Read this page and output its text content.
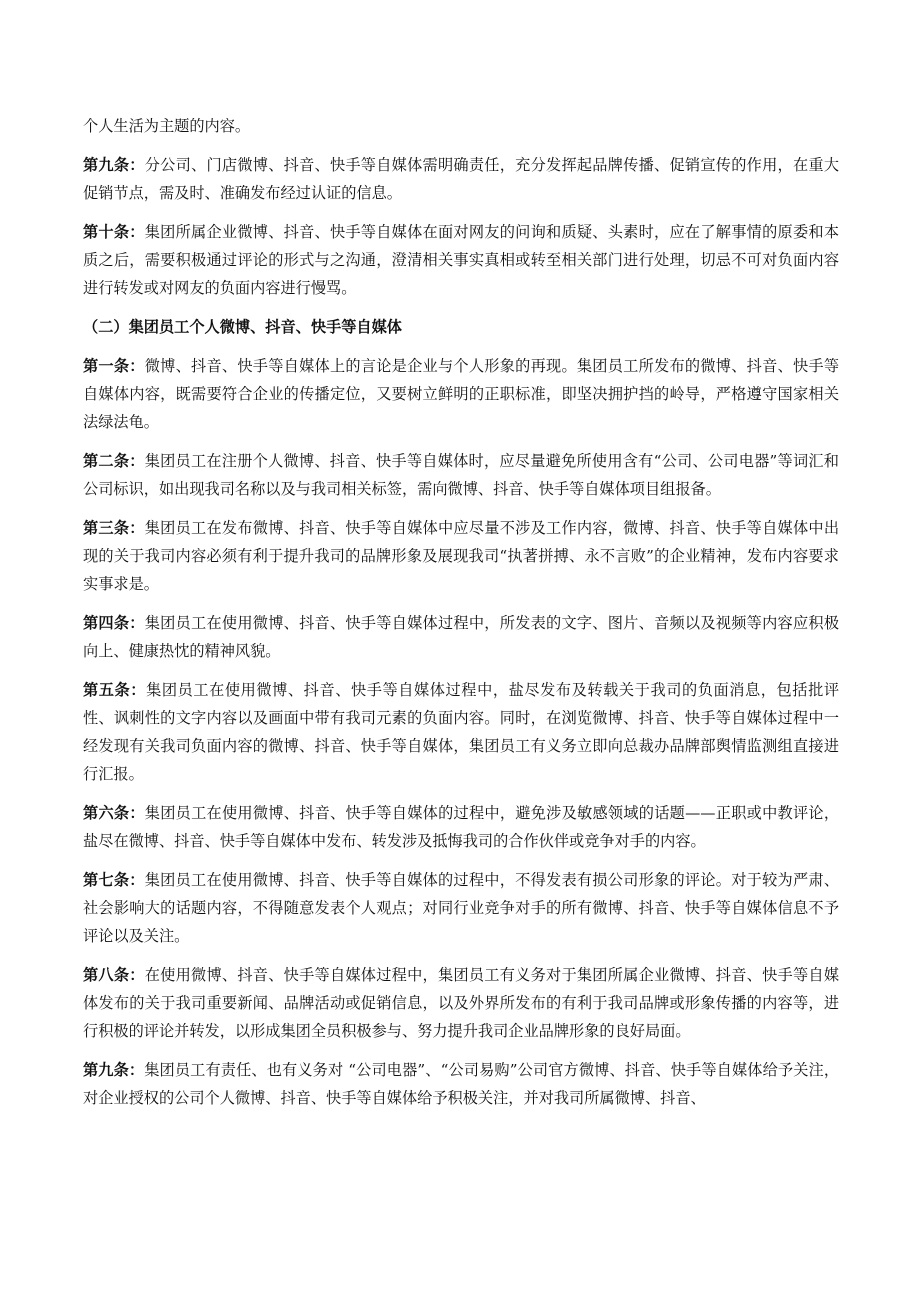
个人生活为主题的内容。

第九条：分公司、门店微博、抖音、快手等自媒体需明确责任，充分发挥起品牌传播、促销宣传的作用，在重大促销节点，需及时、准确发布经过认证的信息。

第十条：集团所属企业微博、抖音、快手等自媒体在面对网友的问询和质疑、头素时，应在了解事情的原委和本质之后，需要积极通过评论的形式与之沟通，澄清相关事实真相或转至相关部门进行处理，切忌不可对负面内容进行转发或对网友的负面内容进行慢骂。

（二）集团员工个人微博、抖音、快手等自媒体

第一条：微博、抖音、快手等自媒体上的言论是企业与个人形象的再现。集团员工所发布的微博、抖音、快手等自媒体内容，既需要符合企业的传播定位，又要树立鲜明的正职标准，即坚决拥护挡的岭导，严格遵守国家相关法绿法龟。

第二条：集团员工在注册个人微博、抖音、快手等自媒体时，应尽量避免所使用含有“公司、公司电器”等词汇和公司标识，如出现我司名称以及与我司相关标签，需向微博、抖音、快手等自媒体项目组报备。

第三条：集团员工在发布微博、抖音、快手等自媒体中应尽量不涉及工作内容，微博、抖音、快手等自媒体中出现的关于我司内容必须有利于提升我司的品牌形象及展现我司“执著拼搏、永不言败”的企业精神，发布内容要求实事求是。

第四条：集团员工在使用微博、抖音、快手等自媒体过程中，所发表的文字、图片、音频以及视频等内容应积极向上、健康热忱的精神风貌。

第五条：集团员工在使用微博、抖音、快手等自媒体过程中，盐尽发布及转载关于我司的负面消息，包括批评性、讽刺性的文字内容以及画面中带有我司元素的负面内容。同时，在浏览微博、抖音、快手等自媒体过程中一经发现有关我司负面内容的微博、抖音、快手等自媒体，集团员工有义务立即向总裁办品牌部舆情监测组直接进行汇报。

第六条：集团员工在使用微博、抖音、快手等自媒体的过程中，避免涉及敏感领域的话题——正职或中教评论，盐尽在微博、抖音、快手等自媒体中发布、转发涉及抵悔我司的合作伙伴或竞争对手的内容。

第七条：集团员工在使用微博、抖音、快手等自媒体的过程中，不得发表有损公司形象的评论。对于较为严肃、社会影响大的话题内容，不得随意发表个人观点；对同行业竞争对手的所有微博、抖音、快手等自媒体信息不予评论以及关注。

第八条：在使用微博、抖音、快手等自媒体过程中，集团员工有义务对于集团所属企业微博、抖音、快手等自媒体发布的关于我司重要新闻、品牌活动或促销信息，以及外界所发布的有利于我司品牌或形象传播的内容等，进行积极的评论并转发，以形成集团全员积极参与、努力提升我司企业品牌形象的良好局面。

第九条：集团员工有责任、也有义务对 “公司电器”、“公司易购”公司官方微博、抖音、快手等自媒体给予关注，对企业授权的公司个人微博、抖音、快手等自媒体给予积极关注，并对我司所属微博、抖音、
